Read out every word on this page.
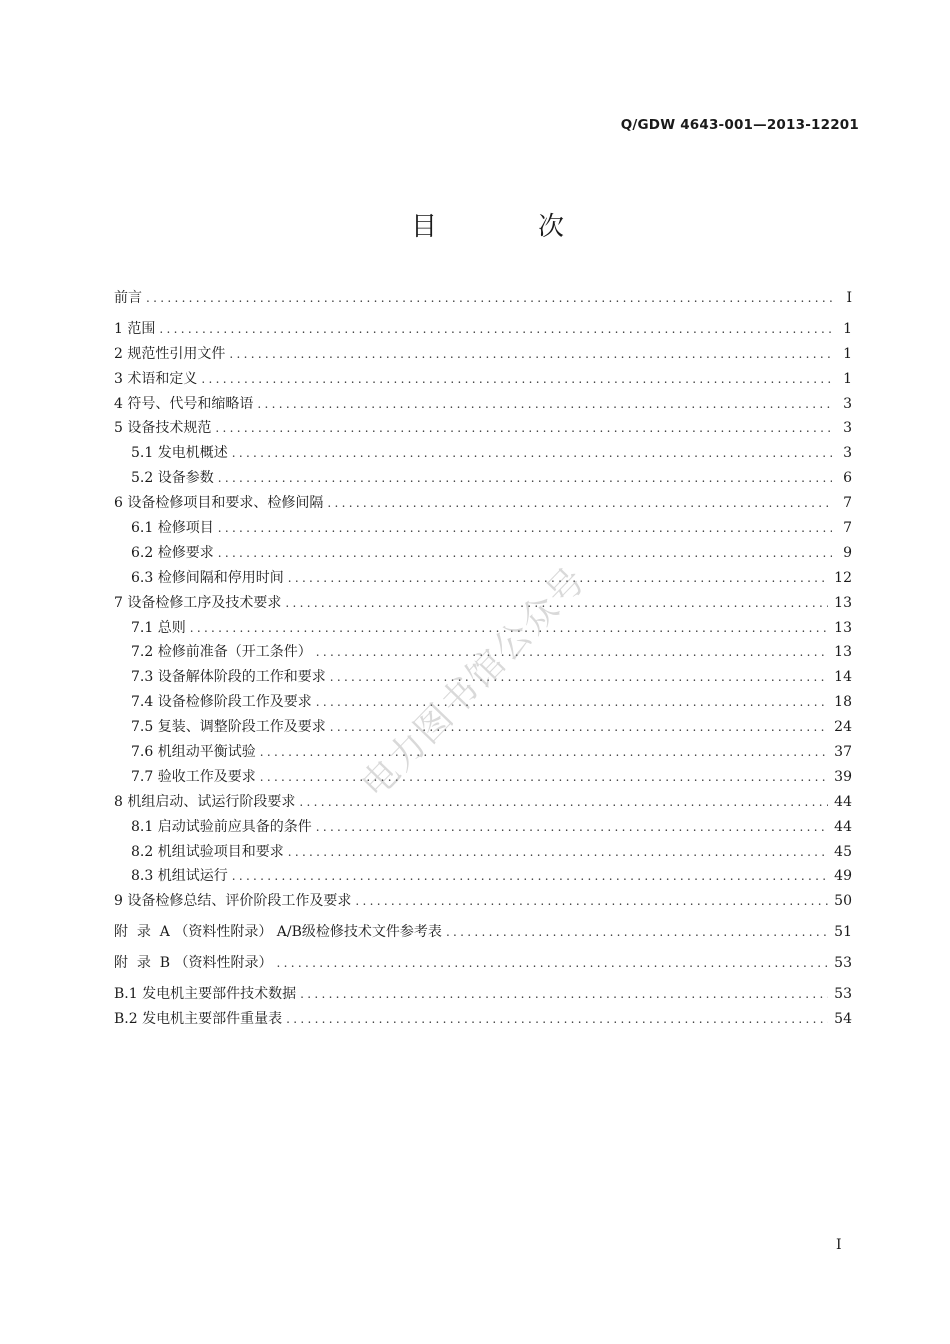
Q/GDW 4643-001—2013-12201
目	次
前言 .....	I
1 范围 .....	1
2 规范性引用文件 .....	1
3 术语和定义 .....	1
4 符号、代号和缩略语 .....	3
5 设备技术规范 .....	3
5.1 发电机概述 .....	3
5.2 设备参数 .....	6
6 设备检修项目和要求、检修间隔 .....	7
6.1 检修项目 .....	7
6.2 检修要求 .....	9
6.3 检修间隔和停用时间 .....	12
7 设备检修工序及技术要求 .....	13
7.1 总则 .....	13
7.2 检修前准备（开工条件） .....	13
7.3 设备解体阶段的工作和要求 .....	14
7.4 设备检修阶段工作及要求 .....	18
7.5 复装、调整阶段工作及要求 .....	24
7.6 机组动平衡试验 .....	37
7.7 验收工作及要求 .....	39
8 机组启动、试运行阶段要求 .....	44
8.1 启动试验前应具备的条件 .....	44
8.2 机组试验项目和要求 .....	45
8.3 机组试运行 .....	49
9 设备检修总结、评价阶段工作及要求 .....	50
附  录  A （资料性附录） A/B级检修技术文件参考表 .....	51
附  录  B （资料性附录） .....	53
B.1 发电机主要部件技术数据 .....	53
B.2 发电机主要部件重量表 .....	54
电力图书馆公众号
I
